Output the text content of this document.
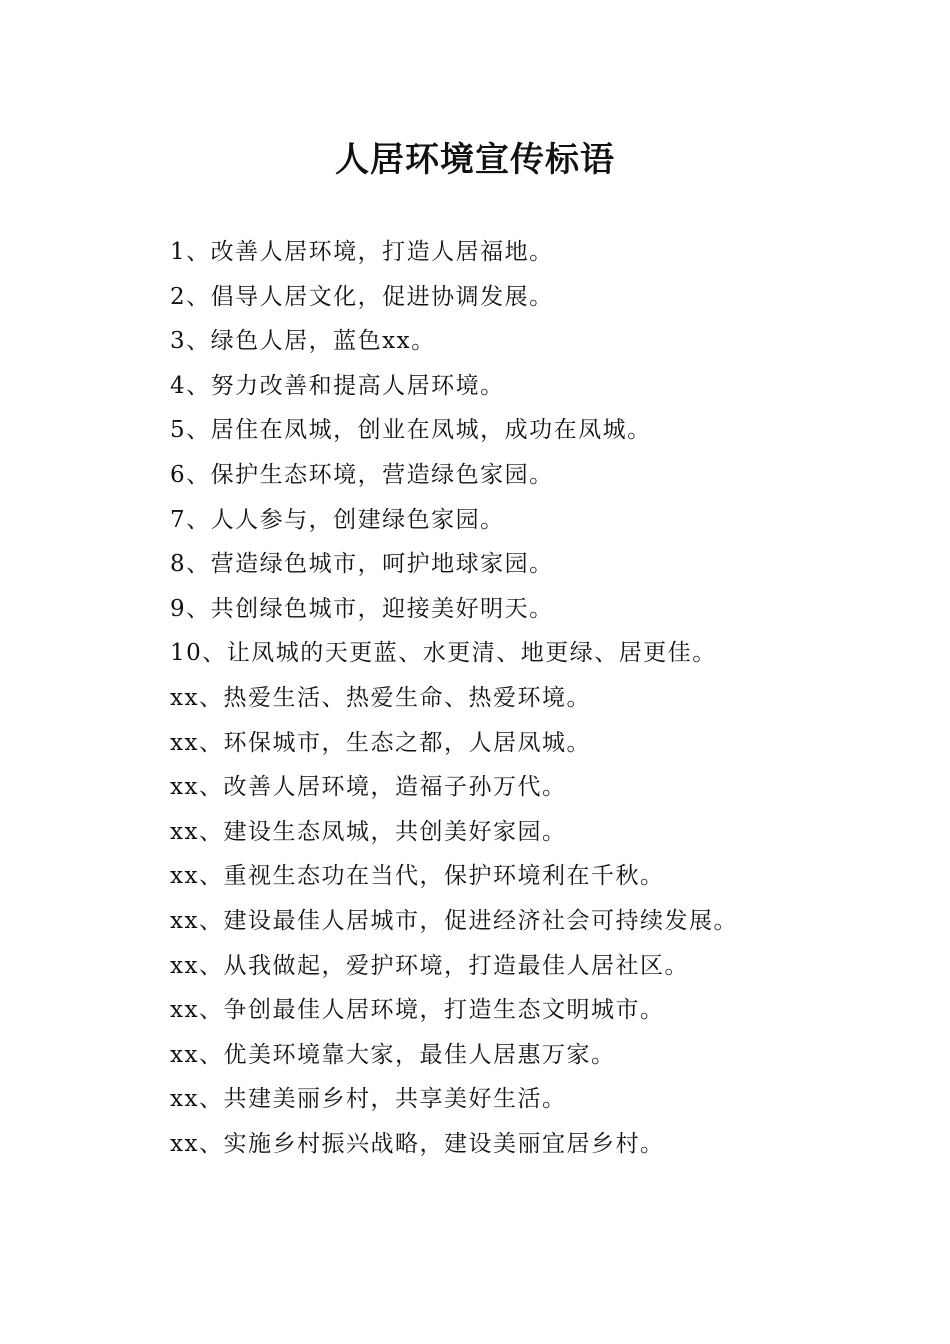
人居环境宣传标语
1、改善人居环境，打造人居福地。
2、倡导人居文化，促进协调发展。
3、绿色人居，蓝色xx。
4、努力改善和提高人居环境。
5、居住在凤城，创业在凤城，成功在凤城。
6、保护生态环境，营造绿色家园。
7、人人参与，创建绿色家园。
8、营造绿色城市，呵护地球家园。
9、共创绿色城市，迎接美好明天。
10、让凤城的天更蓝、水更清、地更绿、居更佳。
xx、热爱生活、热爱生命、热爱环境。
xx、环保城市，生态之都，人居凤城。
xx、改善人居环境，造福子孙万代。
xx、建设生态凤城，共创美好家园。
xx、重视生态功在当代，保护环境利在千秋。
xx、建设最佳人居城市，促进经济社会可持续发展。
xx、从我做起，爱护环境，打造最佳人居社区。
xx、争创最佳人居环境，打造生态文明城市。
xx、优美环境靠大家，最佳人居惠万家。
xx、共建美丽乡村，共享美好生活。
xx、实施乡村振兴战略，建设美丽宜居乡村。
